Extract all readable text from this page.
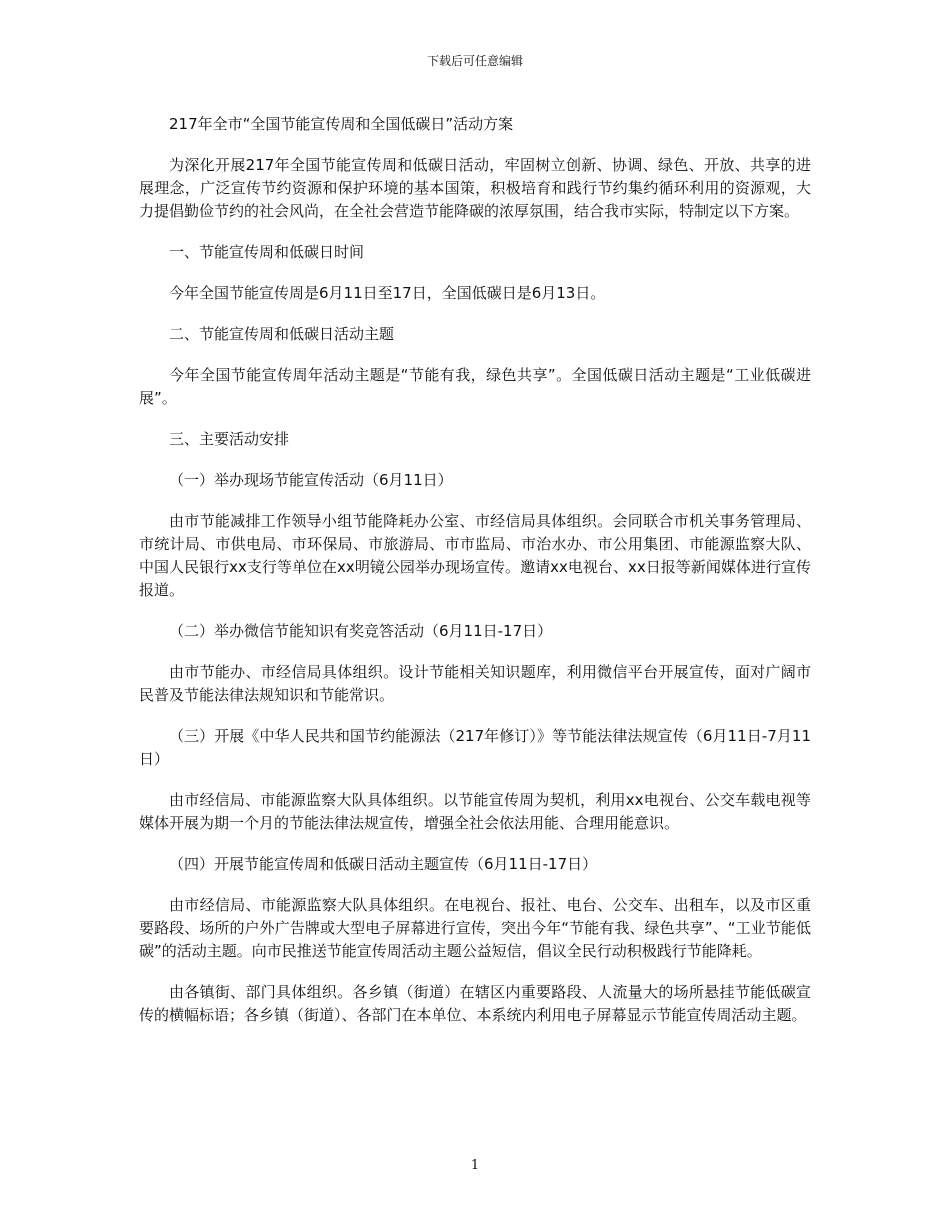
下载后可任意编辑

217年全市“全国节能宣传周和全国低碳日”活动方案

为深化开展217年全国节能宣传周和低碳日活动，牢固树立创新、协调、绿色、开放、共享的进展理念，广泛宣传节约资源和保护环境的基本国策，积极培育和践行节约集约循环利用的资源观，大力提倡勤俭节约的社会风尚，在全社会营造节能降碳的浓厚氛围，结合我市实际，特制定以下方案。

一、节能宣传周和低碳日时间

今年全国节能宣传周是6月11日至17日，全国低碳日是6月13日。

二、节能宣传周和低碳日活动主题

今年全国节能宣传周年活动主题是“节能有我，绿色共享”。全国低碳日活动主题是“工业低碳进展”。

三、主要活动安排

（一）举办现场节能宣传活动（6月11日）

由市节能减排工作领导小组节能降耗办公室、市经信局具体组织。会同联合市机关事务管理局、市统计局、市供电局、市环保局、市旅游局、市市监局、市治水办、市公用集团、市能源监察大队、中国人民银行xx支行等单位在xx明镜公园举办现场宣传。邀请xx电视台、xx日报等新闻媒体进行宣传报道。

（二）举办微信节能知识有奖竞答活动（6月11日-17日）

由市节能办、市经信局具体组织。设计节能相关知识题库，利用微信平台开展宣传，面对广阔市民普及节能法律法规知识和节能常识。

（三）开展《中华人民共和国节约能源法（217年修订）》等节能法律法规宣传（6月11日-7月11日）

由市经信局、市能源监察大队具体组织。以节能宣传周为契机，利用xx电视台、公交车载电视等媒体开展为期一个月的节能法律法规宣传，增强全社会依法用能、合理用能意识。

（四）开展节能宣传周和低碳日活动主题宣传（6月11日-17日）

由市经信局、市能源监察大队具体组织。在电视台、报社、电台、公交车、出租车，以及市区重要路段、场所的户外广告牌或大型电子屏幕进行宣传，突出今年“节能有我、绿色共享”、“工业节能低碳”的活动主题。向市民推送节能宣传周活动主题公益短信，倡议全民行动积极践行节能降耗。

由各镇街、部门具体组织。各乡镇（街道）在辖区内重要路段、人流量大的场所悬挂节能低碳宣传的横幅标语；各乡镇（街道）、各部门在本单位、本系统内利用电子屏幕显示节能宣传周活动主题。

1
